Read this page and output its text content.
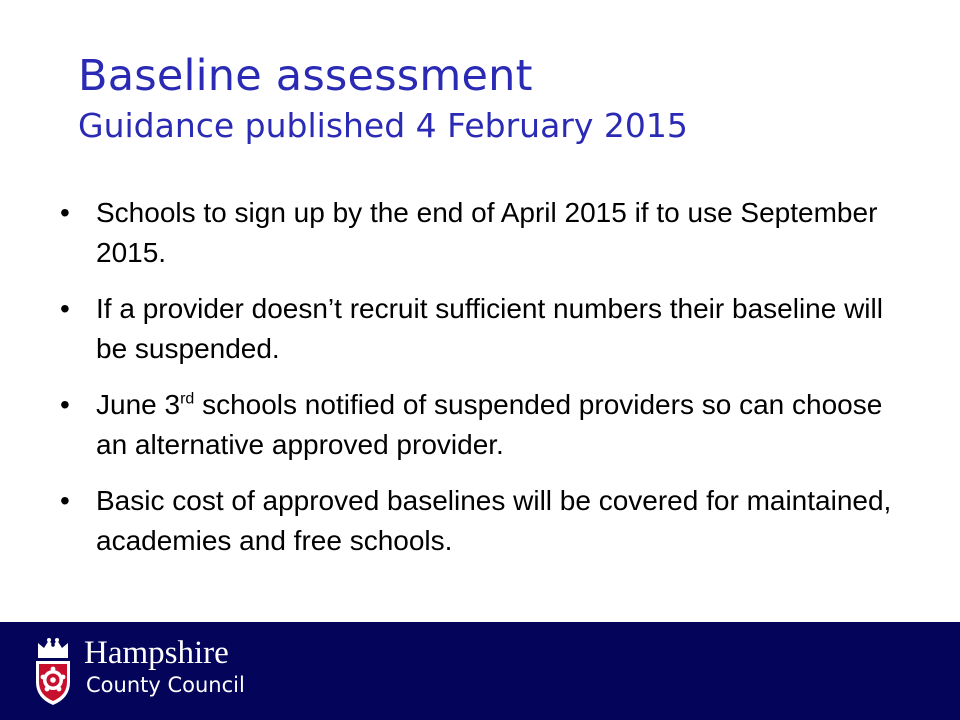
Baseline assessment
Guidance published 4 February 2015
• Schools to sign up by the end of April 2015 if to use September 2015.
• If a provider doesn’t recruit sufficient numbers their baseline will be suspended.
• June 3rd schools notified of suspended providers so can choose an alternative approved provider.
• Basic cost of approved baselines will be covered for maintained, academies and free schools.
Hampshire
County Council
